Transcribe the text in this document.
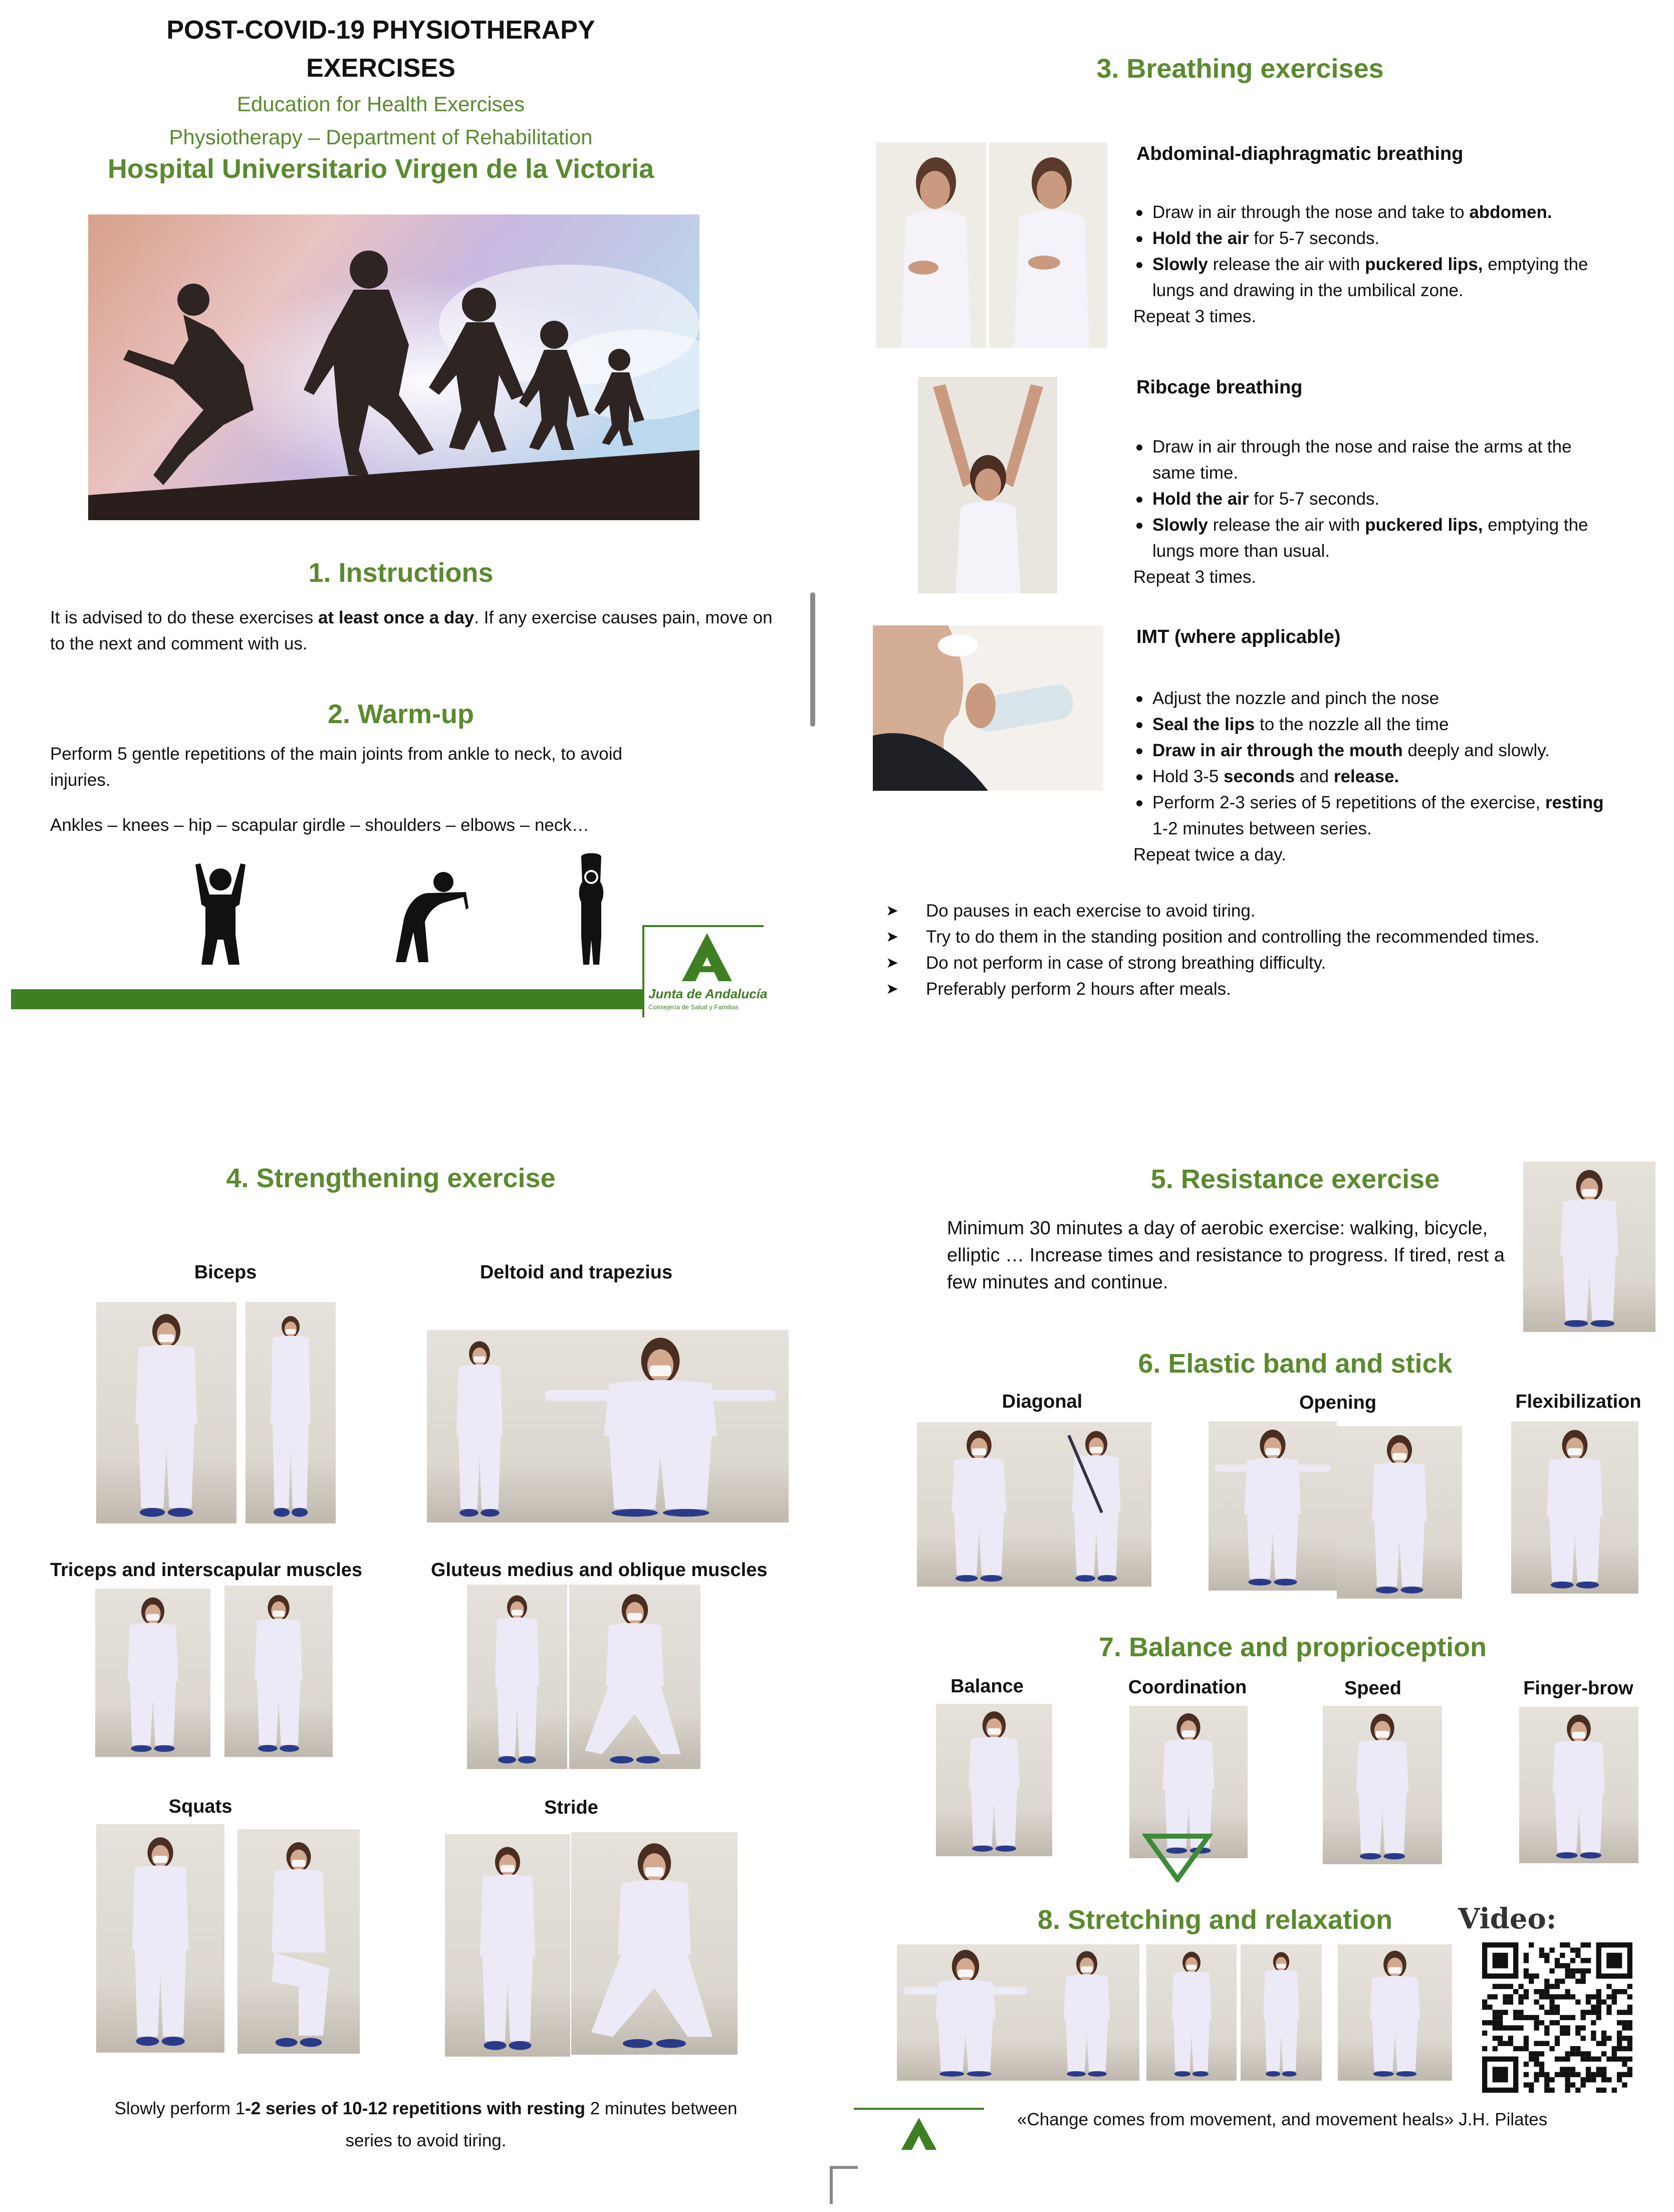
POST-COVID-19 PHYSIOTHERAPY
EXERCISES
Education for Health Exercises
Physiotherapy – Department of Rehabilitation
Hospital Universitario Virgen de la Victoria
1. Instructions
It is advised to do these exercises at least once a day. If any exercise causes pain, move on to the next and comment with us.
2. Warm-up
Perform 5 gentle repetitions of the main joints from ankle to neck, to avoid injuries.
Ankles – knees – hip – scapular girdle – shoulders – elbows – neck…
Junta de Andalucía
Consejería de Salud y Familias
3. Breathing exercises
Abdominal-diaphragmatic breathing
Draw in air through the nose and take to abdomen.
Hold the air for 5-7 seconds.
Slowly release the air with puckered lips, emptying the lungs and drawing in the umbilical zone.
Repeat 3 times.
Ribcage breathing
Draw in air through the nose and raise the arms at the same time.
Hold the air for 5-7 seconds.
Slowly release the air with puckered lips, emptying the lungs more than usual.
Repeat 3 times.
IMT (where applicable)
Adjust the nozzle and pinch the nose
Seal the lips to the nozzle all the time
Draw in air through the mouth deeply and slowly.
Hold 3-5 seconds and release.
Perform 2-3 series of 5 repetitions of the exercise, resting 1-2 minutes between series.
Repeat twice a day.
➤ Do pauses in each exercise to avoid tiring.
➤ Try to do them in the standing position and controlling the recommended times.
➤ Do not perform in case of strong breathing difficulty.
➤ Preferably perform 2 hours after meals.
4. Strengthening exercise
Biceps	Deltoid and trapezius
Triceps and interscapular muscles	Gluteus medius and oblique muscles
Squats	Stride
Slowly perform 1-2 series of 10-12 repetitions with resting 2 minutes between
series to avoid tiring.
5. Resistance exercise
Minimum 30 minutes a day of aerobic exercise: walking, bicycle, elliptic … Increase times and resistance to progress. If tired, rest a few minutes and continue.
6. Elastic band and stick
Diagonal	Opening	Flexibilization
7. Balance and proprioception
Balance	Coordination	Speed	Finger-brow
8. Stretching and relaxation	Video:
«Change comes from movement, and movement heals» J.H. Pilates
